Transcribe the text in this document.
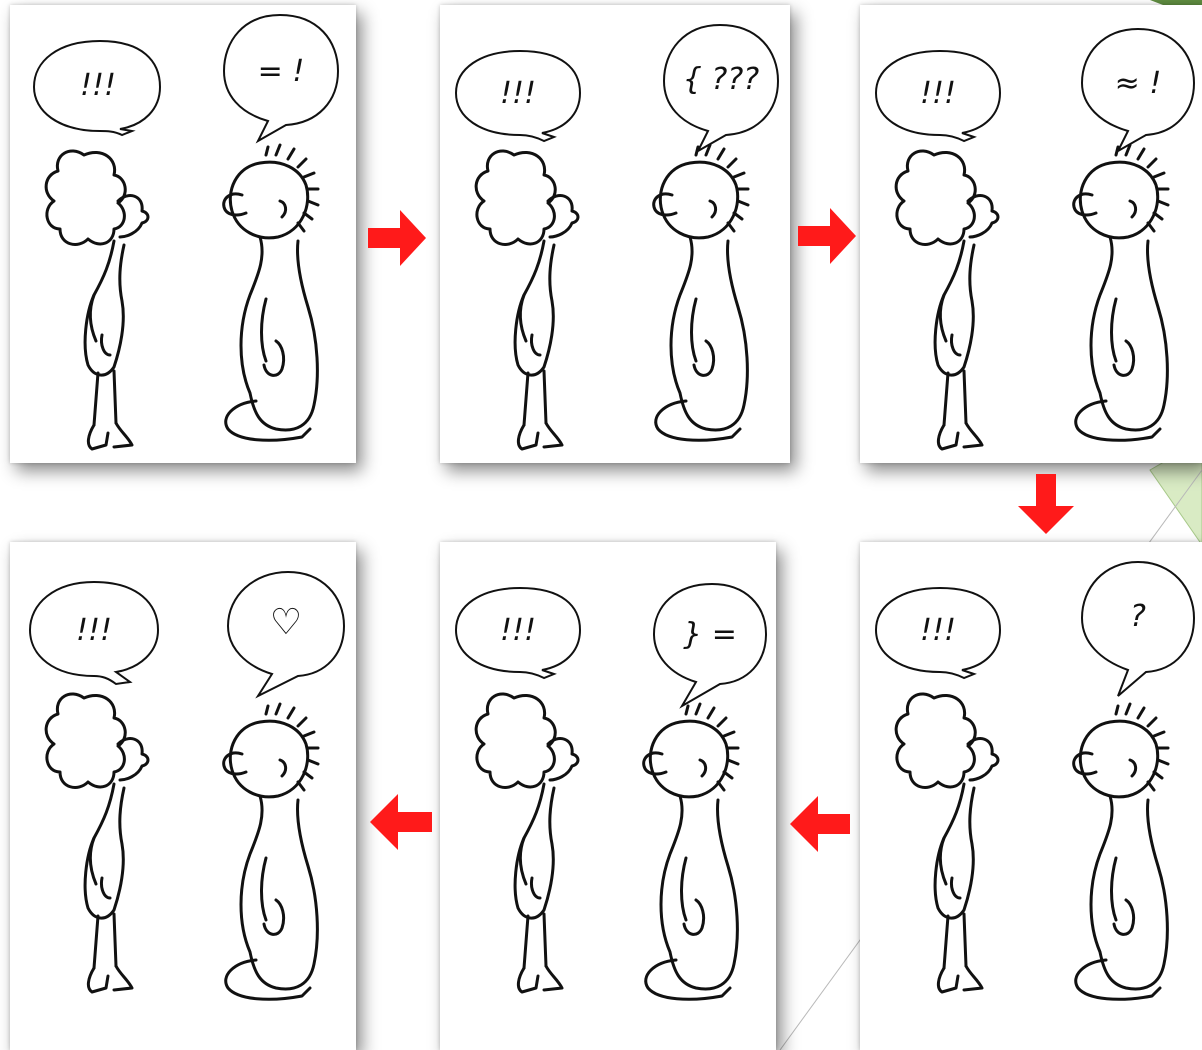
!!!	= !
!!!	{ ???	!!!	≈ !
!!!	?
!!!	} =
!!!	♡
